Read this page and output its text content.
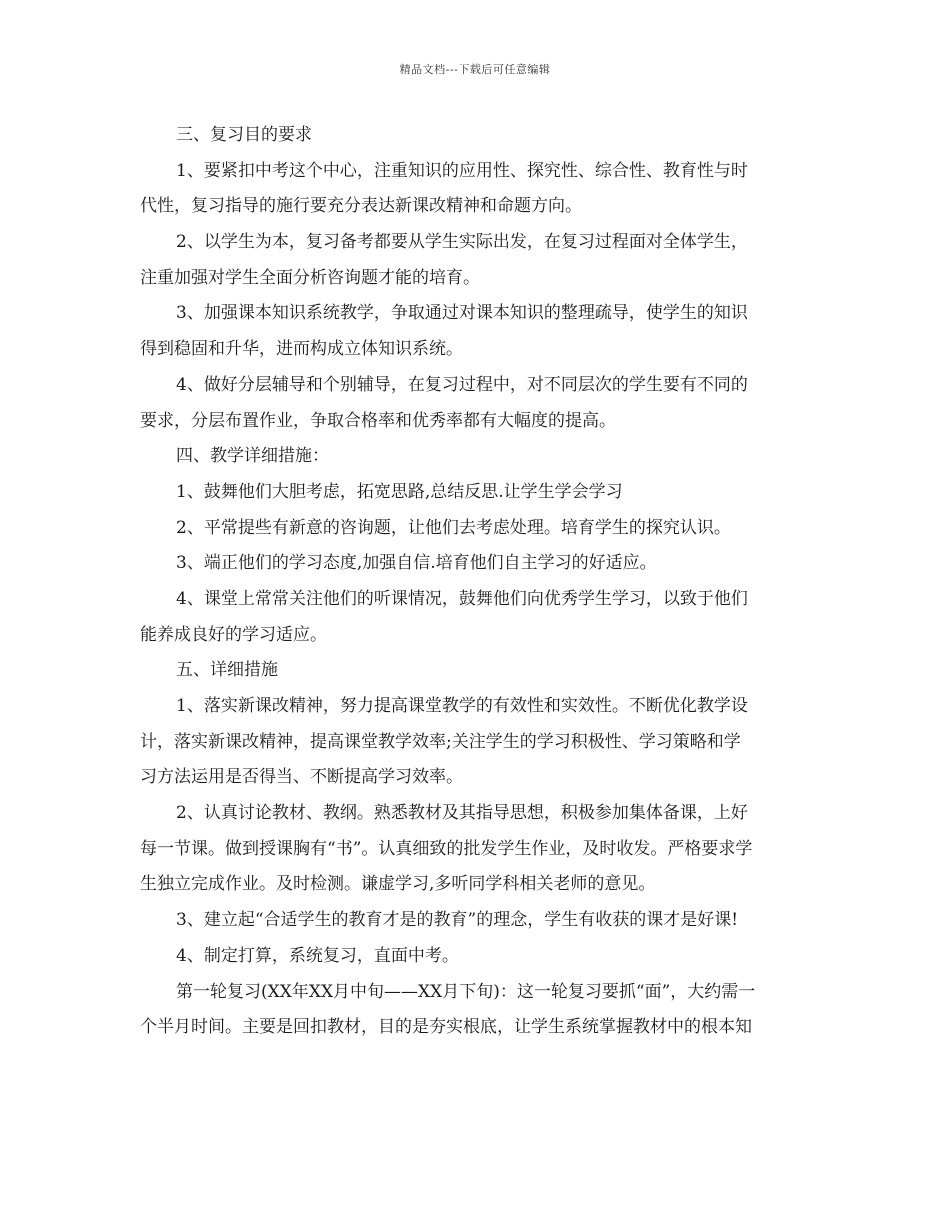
精品文档---下载后可任意编辑
三、复习目的要求
1、要紧扣中考这个中心，注重知识的应用性、探究性、综合性、教育性与时
代性，复习指导的施行要充分表达新课改精神和命题方向。
2、以学生为本，复习备考都要从学生实际出发，在复习过程面对全体学生，
注重加强对学生全面分析咨询题才能的培育。
3、加强课本知识系统教学，争取通过对课本知识的整理疏导，使学生的知识
得到稳固和升华，进而构成立体知识系统。
4、做好分层辅导和个别辅导，在复习过程中，对不同层次的学生要有不同的
要求，分层布置作业，争取合格率和优秀率都有大幅度的提高。
四、教学详细措施：
1、鼓舞他们大胆考虑，拓宽思路,总结反思.让学生学会学习
2、平常提些有新意的咨询题，让他们去考虑处理。培育学生的探究认识。
3、端正他们的学习态度,加强自信.培育他们自主学习的好适应。
4、课堂上常常关注他们的听课情况，鼓舞他们向优秀学生学习，以致于他们
能养成良好的学习适应。
五、详细措施
1、落实新课改精神，努力提高课堂教学的有效性和实效性。不断优化教学设
计，落实新课改精神，提高课堂教学效率;关注学生的学习积极性、学习策略和学
习方法运用是否得当、不断提高学习效率。
2、认真讨论教材、教纲。熟悉教材及其指导思想，积极参加集体备课，上好
每一节课。做到授课胸有“书”。认真细致的批发学生作业，及时收发。严格要求学
生独立完成作业。及时检测。谦虚学习,多听同学科相关老师的意见。
3、建立起“合适学生的教育才是的教育”的理念，学生有收获的课才是好课!
4、制定打算，系统复习，直面中考。
第一轮复习(XX年XX月中旬——XX月下旬)：这一轮复习要抓“面”，大约需一
个半月时间。主要是回扣教材，目的是夯实根底，让学生系统掌握教材中的根本知
